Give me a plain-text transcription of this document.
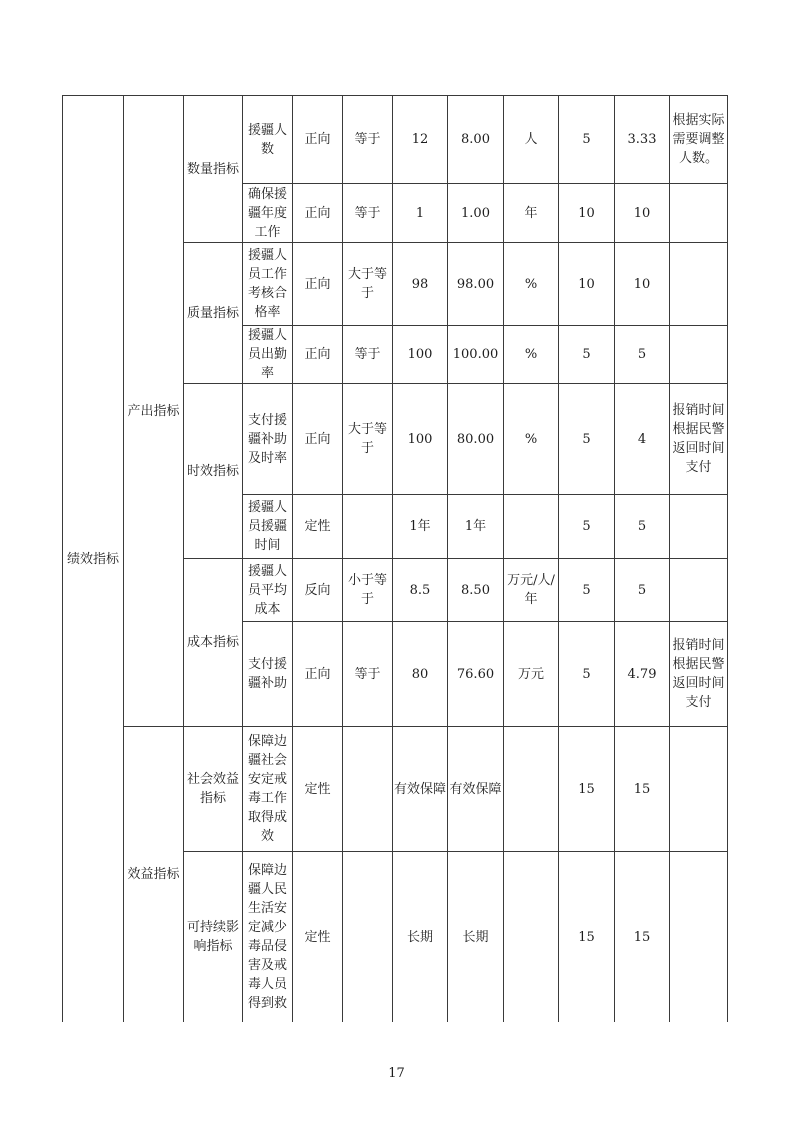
绩效指标	产出指标	数量指标	援疆人数	正向	等于	12	8.00	人	5	3.33	根据实际需要调整人数。
			确保援疆年度工作	正向	等于	1	1.00	年	10	10	
		质量指标	援疆人员工作考核合格率	正向	大于等于	98	98.00	%	10	10	
			援疆人员出勤率	正向	等于	100	100.00	%	5	5	
		时效指标	支付援疆补助及时率	正向	大于等于	100	80.00	%	5	4	报销时间根据民警返回时间支付
			援疆人员援疆时间	定性		1年	1年		5	5	
		成本指标	援疆人员平均成本	反向	小于等于	8.5	8.50	万元/人/年	5	5	
			支付援疆补助	正向	等于	80	76.60	万元	5	4.79	报销时间根据民警返回时间支付
	效益指标	社会效益指标	保障边疆社会安定戒毒工作取得成效	定性		有效保障	有效保障		15	15	
		可持续影响指标	保障边疆人民生活安定减少毒品侵害及戒毒人员得到救	定性		长期	长期		15	15	
17
